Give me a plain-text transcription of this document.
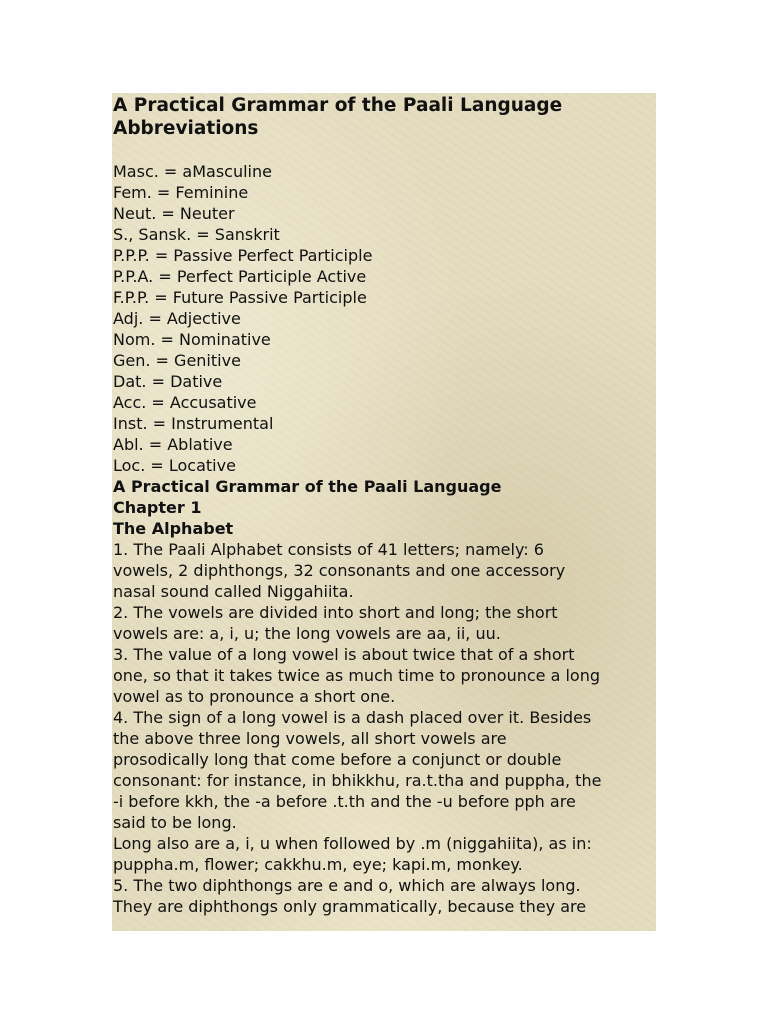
A Practical Grammar of the Paali Language

Abbreviations

Masc. = aMasculine

Fem. = Feminine

Neut. = Neuter

S., Sansk. = Sanskrit

P.P.P. = Passive Perfect Participle

P.P.A. = Perfect Participle Active

F.P.P. = Future Passive Participle

Adj. = Adjective

Nom. = Nominative

Gen. = Genitive

Dat. = Dative

Acc. = Accusative

Inst. = Instrumental

Abl. = Ablative

Loc. = Locative

A Practical Grammar of the Paali Language

Chapter 1

The Alphabet

1. The Paali Alphabet consists of 41 letters; namely: 6

vowels, 2 diphthongs, 32 consonants and one accessory

nasal sound called Niggahiita.

2. The vowels are divided into short and long; the short

vowels are: a, i, u; the long vowels are aa, ii, uu.

3. The value of a long vowel is about twice that of a short

one, so that it takes twice as much time to pronounce a long

vowel as to pronounce a short one.

4. The sign of a long vowel is a dash placed over it. Besides

the above three long vowels, all short vowels are

prosodically long that come before a conjunct or double

consonant: for instance, in bhikkhu, ra.t.tha and puppha, the

-i before kkh, the -a before .t.th and the -u before pph are

said to be long.

Long also are a, i, u when followed by .m (niggahiita), as in:

puppha.m, flower; cakkhu.m, eye; kapi.m, monkey.

5. The two diphthongs are e and o, which are always long.

They are diphthongs only grammatically, because they are
